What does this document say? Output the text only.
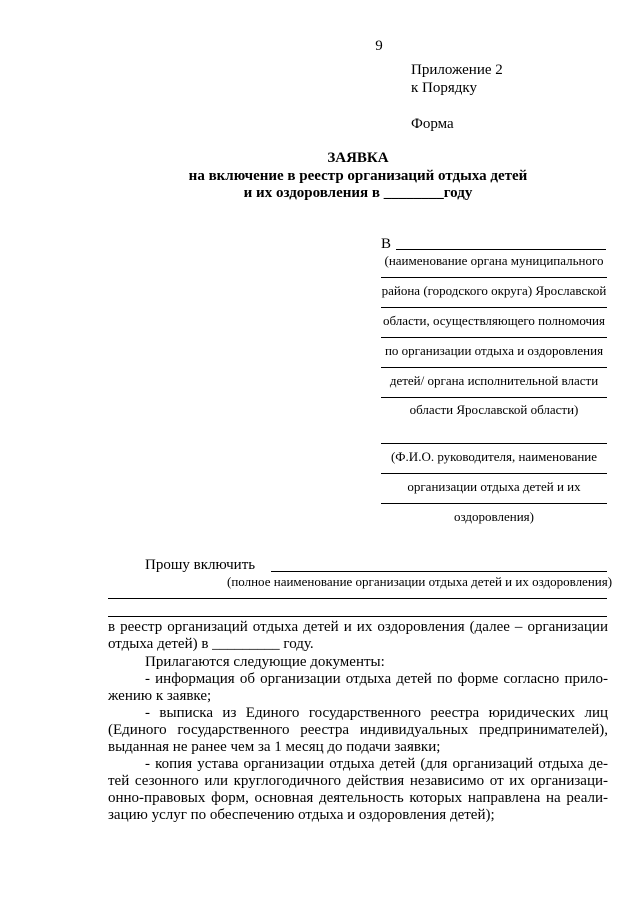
9
Приложение 2
к Порядку
Форма
ЗАЯВКА
на включение в реестр организаций отдыха детей
и их оздоровления в ________году
В
(наименование органа муниципального
района (городского округа) Ярославской
области, осуществляющего полномочия
по организации отдыха и оздоровления
детей/ органа исполнительной власти
области Ярославской области)
(Ф.И.О. руководителя, наименование
организации отдыха детей и их
оздоровления)
Прошу включить
(полное наименование организации отдыха детей и их оздоровления)
в реестр организаций отдыха детей и их оздоровления (далее – организации
отдыха детей) в _________ году.
Прилагаются следующие документы:
- информация об организации отдыха детей по форме согласно прило-
жению к заявке;
- выписка из Единого государственного реестра юридических лиц
(Единого государственного реестра индивидуальных предпринимателей),
выданная не ранее чем за 1 месяц до подачи заявки;
- копия устава организации отдыха детей (для организаций отдыха де-
тей сезонного или круглогодичного действия независимо от их организаци-
онно-правовых форм, основная деятельность которых направлена на реали-
зацию услуг по обеспечению отдыха и оздоровления детей);
